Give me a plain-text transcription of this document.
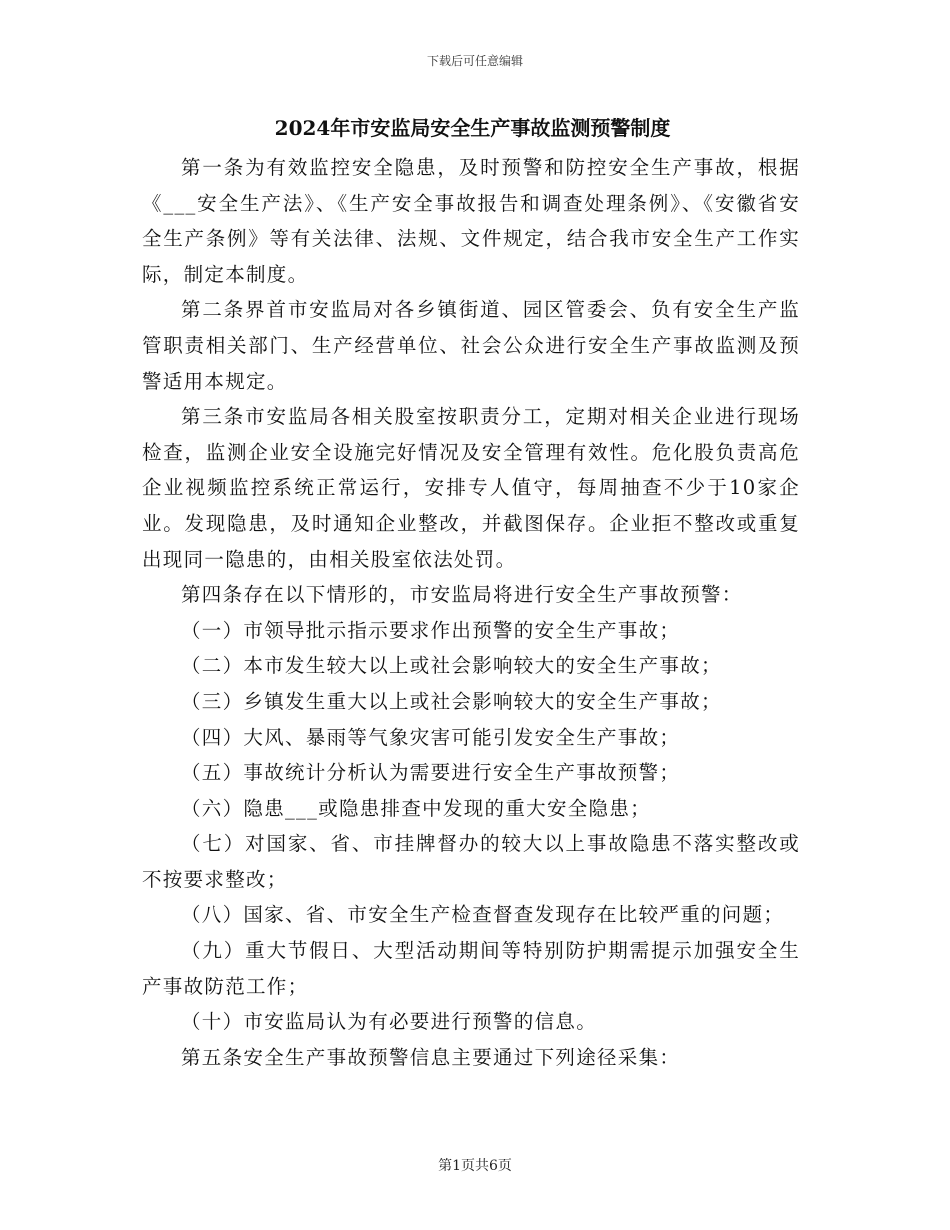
下载后可任意编辑
2024年市安监局安全生产事故监测预警制度

第一条为有效监控安全隐患，及时预警和防控安全生产事故，根据《___安全生产法》、《生产安全事故报告和调查处理条例》、《安徽省安全生产条例》等有关法律、法规、文件规定，结合我市安全生产工作实际，制定本制度。

第二条界首市安监局对各乡镇街道、园区管委会、负有安全生产监管职责相关部门、生产经营单位、社会公众进行安全生产事故监测及预警适用本规定。

第三条市安监局各相关股室按职责分工，定期对相关企业进行现场检查，监测企业安全设施完好情况及安全管理有效性。危化股负责高危企业视频监控系统正常运行，安排专人值守，每周抽查不少于10家企业。发现隐患，及时通知企业整改，并截图保存。企业拒不整改或重复出现同一隐患的，由相关股室依法处罚。

第四条存在以下情形的，市安监局将进行安全生产事故预警：

（一）市领导批示指示要求作出预警的安全生产事故；

（二）本市发生较大以上或社会影响较大的安全生产事故；

（三）乡镇发生重大以上或社会影响较大的安全生产事故；

（四）大风、暴雨等气象灾害可能引发安全生产事故；

（五）事故统计分析认为需要进行安全生产事故预警；

（六）隐患___或隐患排查中发现的重大安全隐患；

（七）对国家、省、市挂牌督办的较大以上事故隐患不落实整改或不按要求整改；

（八）国家、省、市安全生产检查督查发现存在比较严重的问题；

（九）重大节假日、大型活动期间等特别防护期需提示加强安全生产事故防范工作；

（十）市安监局认为有必要进行预警的信息。

第五条安全生产事故预警信息主要通过下列途径采集：

第1页共6页
